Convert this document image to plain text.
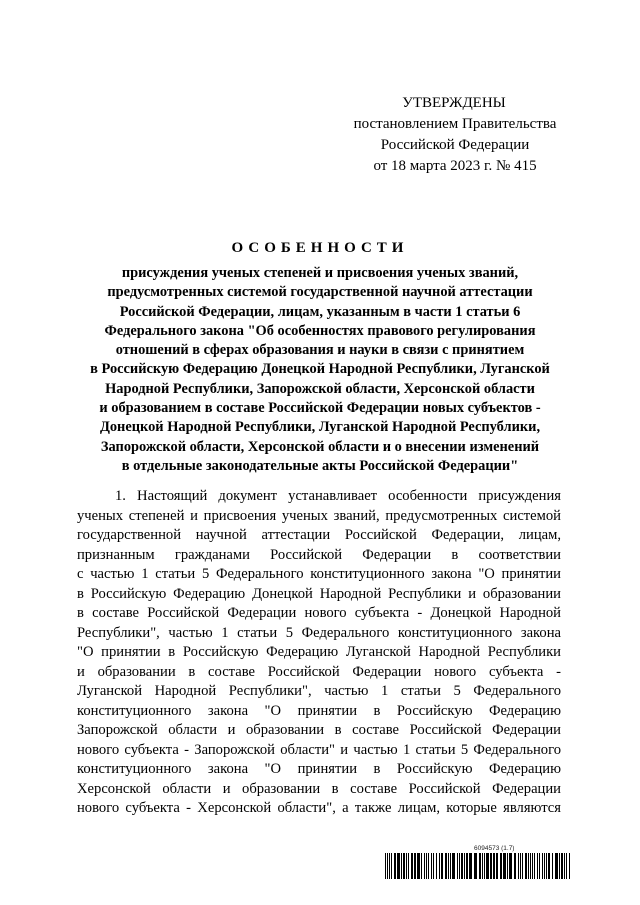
УТВЕРЖДЕНЫ
постановлением Правительства
Российской Федерации
от 18 марта 2023 г. № 415
ОСОБЕННОСТИ
присуждения ученых степеней и присвоения ученых званий,
предусмотренных системой государственной научной аттестации
Российской Федерации, лицам, указанным в части 1 статьи 6
Федерального закона "Об особенностях правового регулирования
отношений в сферах образования и науки в связи с принятием
в Российскую Федерацию Донецкой Народной Республики, Луганской
Народной Республики, Запорожской области, Херсонской области
и образованием в составе Российской Федерации новых субъектов -
Донецкой Народной Республики, Луганской Народной Республики,
Запорожской области, Херсонской области и о внесении изменений
в отдельные законодательные акты Российской Федерации"
1. Настоящий документ устанавливает особенности присуждения
ученых степеней и присвоения ученых званий, предусмотренных системой
государственной научной аттестации Российской Федерации, лицам,
признанным гражданами Российской Федерации в соответствии
с частью 1 статьи 5 Федерального конституционного закона "О принятии
в Российскую Федерацию Донецкой Народной Республики и образовании
в составе Российской Федерации нового субъекта - Донецкой Народной
Республики", частью 1 статьи 5 Федерального конституционного закона
"О принятии в Российскую Федерацию Луганской Народной Республики
и образовании в составе Российской Федерации нового субъекта -
Луганской Народной Республики", частью 1 статьи 5 Федерального
конституционного закона "О принятии в Российскую Федерацию
Запорожской области и образовании в составе Российской Федерации
нового субъекта - Запорожской области" и частью 1 статьи 5 Федерального
конституционного закона "О принятии в Российскую Федерацию
Херсонской области и образовании в составе Российской Федерации
нового субъекта - Херсонской области", а также лицам, которые являются
6094573 (1.7)
